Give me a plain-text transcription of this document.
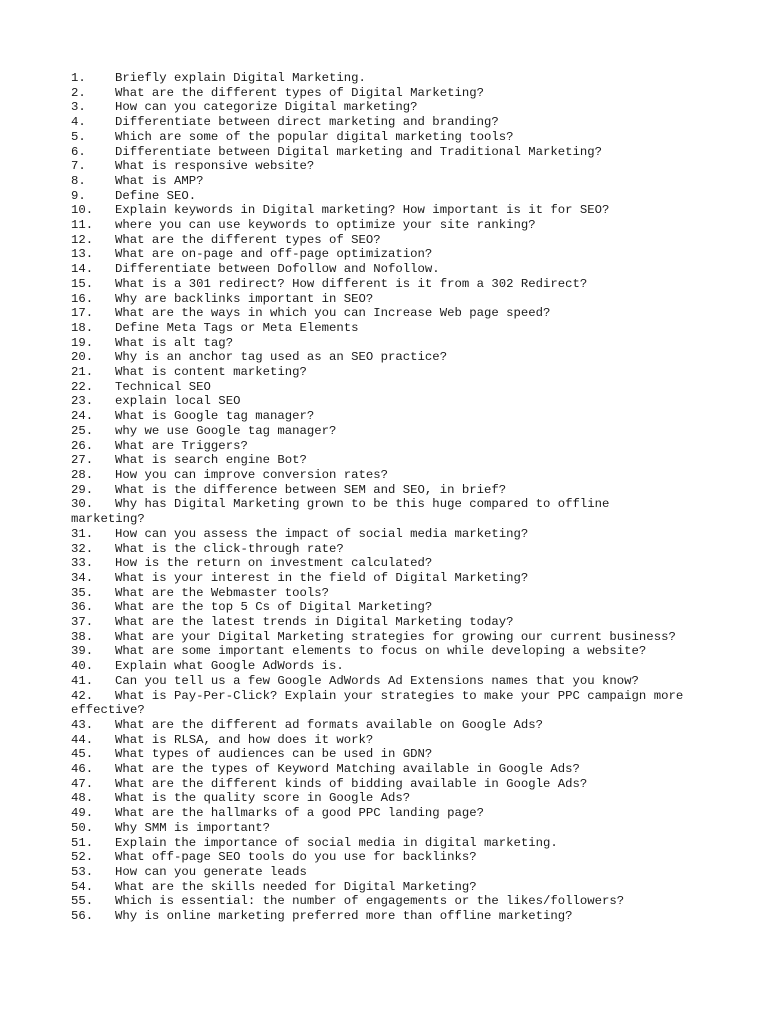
1.	Briefly explain Digital Marketing.
2.	What are the different types of Digital Marketing?
3.	How can you categorize Digital marketing?
4.	Differentiate between direct marketing and branding?
5.	Which are some of the popular digital marketing tools?
6.	Differentiate between Digital marketing and Traditional Marketing?
7.	What is responsive website?
8.	What is AMP?
9.	Define SEO.
10.	Explain keywords in Digital marketing? How important is it for SEO?
11.	where you can use keywords to optimize your site ranking?
12.	What are the different types of SEO?
13.	What are on-page and off-page optimization?
14.	Differentiate between Dofollow and Nofollow.
15.	What is a 301 redirect? How different is it from a 302 Redirect?
16.	Why are backlinks important in SEO?
17.	What are the ways in which you can Increase Web page speed?
18.	Define Meta Tags or Meta Elements
19.	What is alt tag?
20.	Why is an anchor tag used as an SEO practice?
21.	What is content marketing?
22.	Technical SEO
23.	explain local SEO
24.	What is Google tag manager?
25.	why we use Google tag manager?
26.	What are Triggers?
27.	What is search engine Bot?
28.	How you can improve conversion rates?
29.	What is the difference between SEM and SEO, in brief?
30.	Why has Digital Marketing grown to be this huge compared to offline
marketing?
31.	How can you assess the impact of social media marketing?
32.	What is the click-through rate?
33.	How is the return on investment calculated?
34.	What is your interest in the field of Digital Marketing?
35.	What are the Webmaster tools?
36.	What are the top 5 Cs of Digital Marketing?
37.	What are the latest trends in Digital Marketing today?
38.	What are your Digital Marketing strategies for growing our current business?
39.	What are some important elements to focus on while developing a website?
40.	Explain what Google AdWords is.
41.	Can you tell us a few Google AdWords Ad Extensions names that you know?
42.	What is Pay-Per-Click? Explain your strategies to make your PPC campaign more
effective?
43.	What are the different ad formats available on Google Ads?
44.	What is RLSA, and how does it work?
45.	What types of audiences can be used in GDN?
46.	What are the types of Keyword Matching available in Google Ads?
47.	What are the different kinds of bidding available in Google Ads?
48.	What is the quality score in Google Ads?
49.	What are the hallmarks of a good PPC landing page?
50.	Why SMM is important?
51.	Explain the importance of social media in digital marketing.
52.	What off-page SEO tools do you use for backlinks?
53.	How can you generate leads
54.	What are the skills needed for Digital Marketing?
55.	Which is essential: the number of engagements or the likes/followers?
56.	Why is online marketing preferred more than offline marketing?
